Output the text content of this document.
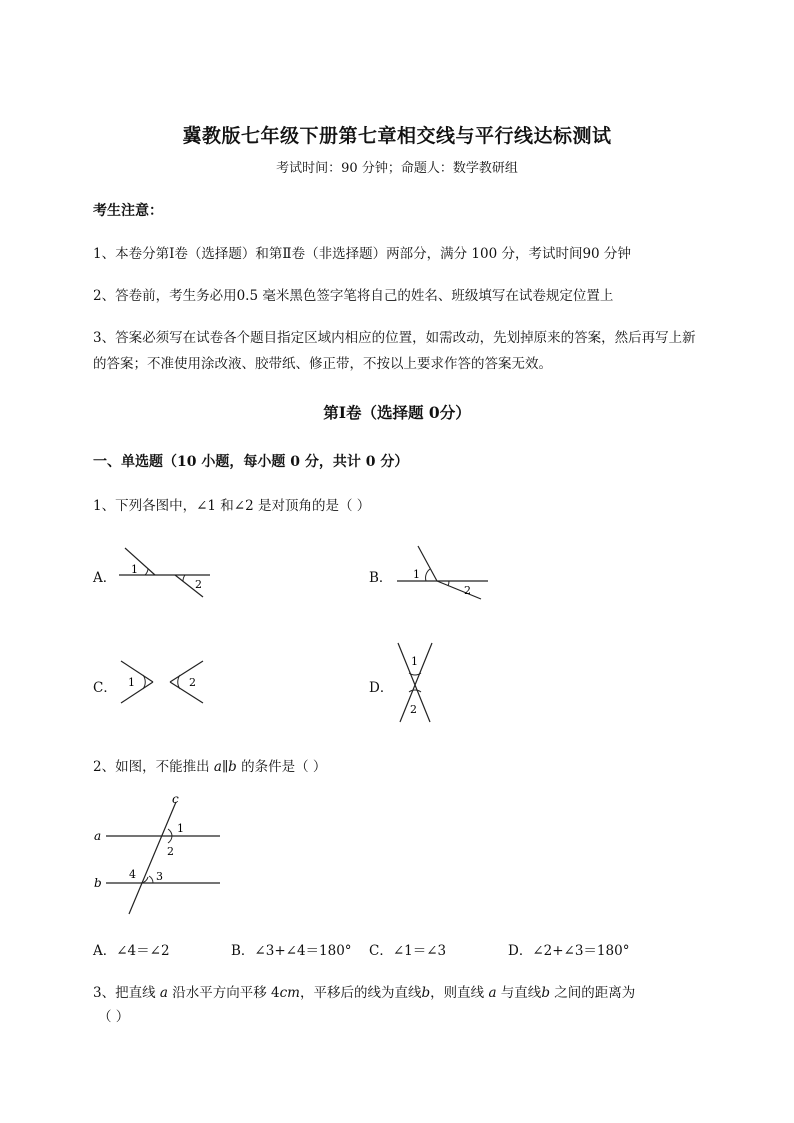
冀教版七年级下册第七章相交线与平行线达标测试
考试时间：90 分钟；命题人：数学教研组
考生注意：
1、本卷分第Ⅰ卷（选择题）和第Ⅱ卷（非选择题）两部分，满分 100 分，考试时间90 分钟
2、答卷前，考生务必用0.5 毫米黑色签字笔将自己的姓名、班级填写在试卷规定位置上
3、答案必须写在试卷各个题目指定区域内相应的位置，如需改动，先划掉原来的答案，然后再写上新
的答案；不准使用涂改液、胶带纸、修正带，不按以上要求作答的答案无效。
第Ⅰ卷（选择题 0分）
一、单选题（10 小题，每小题 0 分，共计 0 分）
1、下列各图中，∠1 和∠2 是对顶角的是（ ）
A．
1
2	B． 1
2
C． 1	2	D．
1
2
2、如图，不能推出 a∥b 的条件是（ ）
a
b
c
1
2
3
4
A．∠4＝∠2	B．∠3+∠4＝180° C．∠1＝∠3	D．∠2+∠3＝180°
3、把直线 a 沿水平方向平移 4cm，平移后的线为直线b，则直线 a 与直线b 之间的距离为
（ ）
